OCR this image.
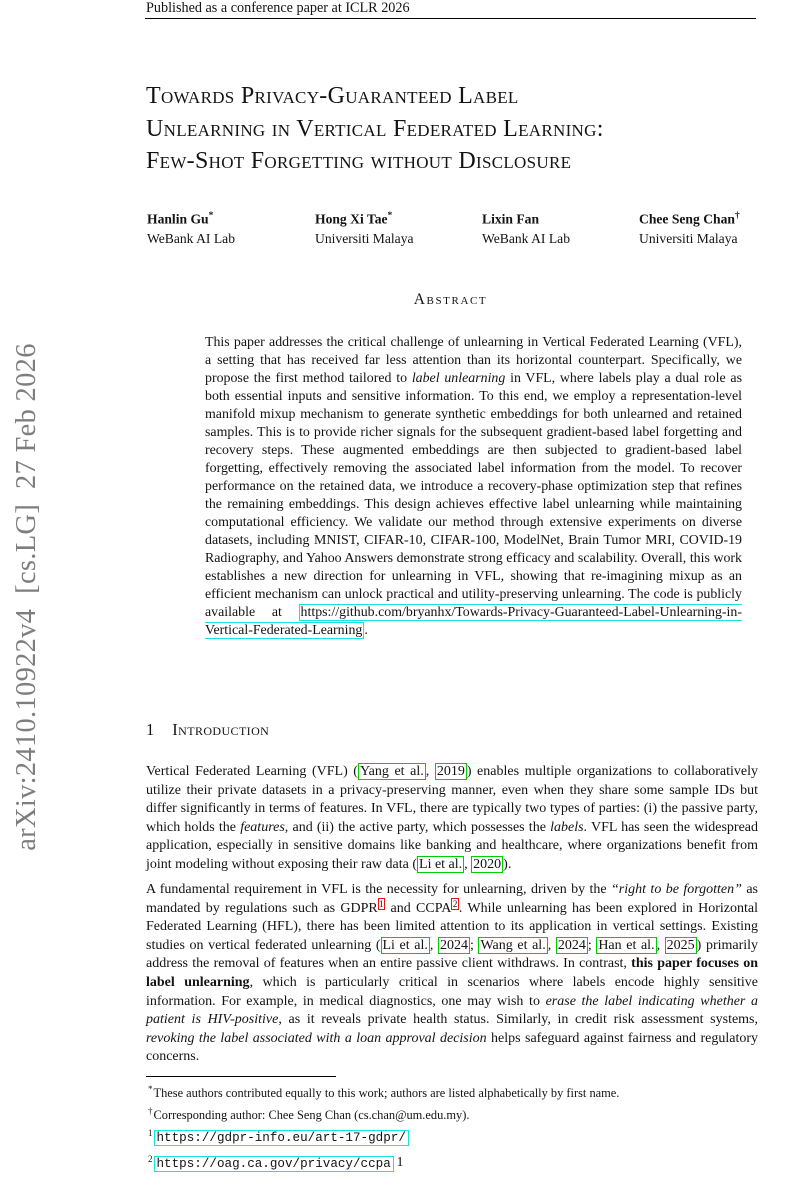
arXiv:2410.10922v4  [cs.LG]  27 Feb 2026
Published as a conference paper at ICLR 2026
Towards Privacy-Guaranteed Label
Unlearning in Vertical Federated Learning:
Few-Shot Forgetting without Disclosure
Hanlin Gu*
WeBank AI Lab
Hong Xi Tae*
Universiti Malaya
Lixin Fan
WeBank AI Lab
Chee Seng Chan†
Universiti Malaya
Abstract
This paper addresses the critical challenge of unlearning in Vertical Federated Learning (VFL), a setting that has received far less attention than its horizontal counterpart. Specifically, we propose the first method tailored to label unlearning in VFL, where labels play a dual role as both essential inputs and sensitive information. To this end, we employ a representation-level manifold mixup mechanism to generate synthetic embeddings for both unlearned and retained samples. This is to provide richer signals for the subsequent gradient-based label forgetting and recovery steps. These augmented embeddings are then subjected to gradient-based label forgetting, effectively removing the associated label information from the model. To recover performance on the retained data, we introduce a recovery-phase optimization step that refines the remaining embeddings. This design achieves effective label unlearning while maintaining computational efficiency. We validate our method through extensive experiments on diverse datasets, including MNIST, CIFAR-10, CIFAR-100, ModelNet, Brain Tumor MRI, COVID-19 Radiography, and Yahoo Answers demonstrate strong efficacy and scalability. Overall, this work establishes a new direction for unlearning in VFL, showing that re-imagining mixup as an efficient mechanism can unlock practical and utility-preserving unlearning. The code is publicly available at https://github.com/bryanhx/Towards-Privacy-Guaranteed-Label-Unlearning-in-Vertical-Federated-Learning .
1 Introduction

Vertical Federated Learning (VFL) ( Yang et al. , 2019 ) enables multiple organizations to collaboratively utilize their private datasets in a privacy-preserving manner, even when they share some sample IDs but differ significantly in terms of features. In VFL, there are typically two types of parties: (i) the passive party, which holds the features, and (ii) the active party, which possesses the labels. VFL has seen the widespread application, especially in sensitive domains like banking and healthcare, where organizations benefit from joint modeling without exposing their raw data ( Li et al. , 2020 ).

A fundamental requirement in VFL is the necessity for unlearning, driven by the “right to be forgotten” as mandated by regulations such as GDPR $^1$ and CCPA $^2$ . While unlearning has been explored in Horizontal Federated Learning (HFL), there has been limited attention to its application in vertical settings. Existing studies on vertical federated unlearning ( Li et al. , 2024 ; Wang et al. , 2024 ; Han et al. , 2025 ) primarily address the removal of features when an entire passive client withdraws. In contrast, this paper focuses on label unlearning, which is particularly critical in scenarios where labels encode highly sensitive information. For example, in medical diagnostics, one may wish to erase the label indicating whether a patient is HIV-positive, as it reveals private health status. Similarly, in credit risk assessment systems, revoking the label associated with a loan approval decision helps safeguard against fairness and regulatory concerns.

*These authors contributed equally to this work; authors are listed alphabetically by first name.
†Corresponding author: Chee Seng Chan (cs.chan@um.edu.my).
$^1$ https://gdpr-info.eu/art-17-gdpr/
$^2$ https://oag.ca.gov/privacy/ccpa 1
